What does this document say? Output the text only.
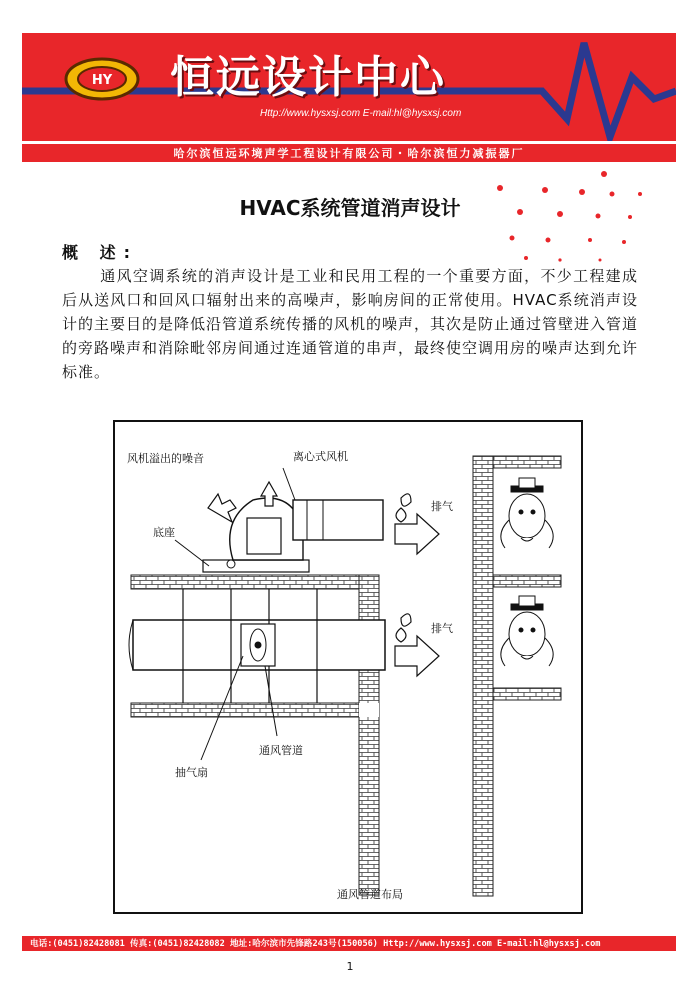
HY 恒远设计中心
Http://www.hysxsj.com E-mail:hl@hysxsj.com
哈尔滨恒远环境声学工程设计有限公司・哈尔滨恒力减振器厂
HVAC系统管道消声设计
概 述:
通风空调系统的消声设计是工业和民用工程的一个重要方面，不少工程建成后从送风口和回风口辐射出来的高噪声，影响房间的正常使用。HVAC系统消声设计的主要目的是降低沿管道系统传播的风机的噪声，其次是防止通过管壁进入管道的旁路噪声和消除毗邻房间通过连通管道的串声，最终使空调用房的噪声达到允许标准。
风机溢出的噪音	离心式风机
底座
排气
排气
抽气扇
通风管道
通风管道布局
电话:(0451)82428081 传真:(0451)82428082 地址:哈尔滨市先锋路243号(150056) Http://www.hysxsj.com E-mail:hl@hysxsj.com
1
